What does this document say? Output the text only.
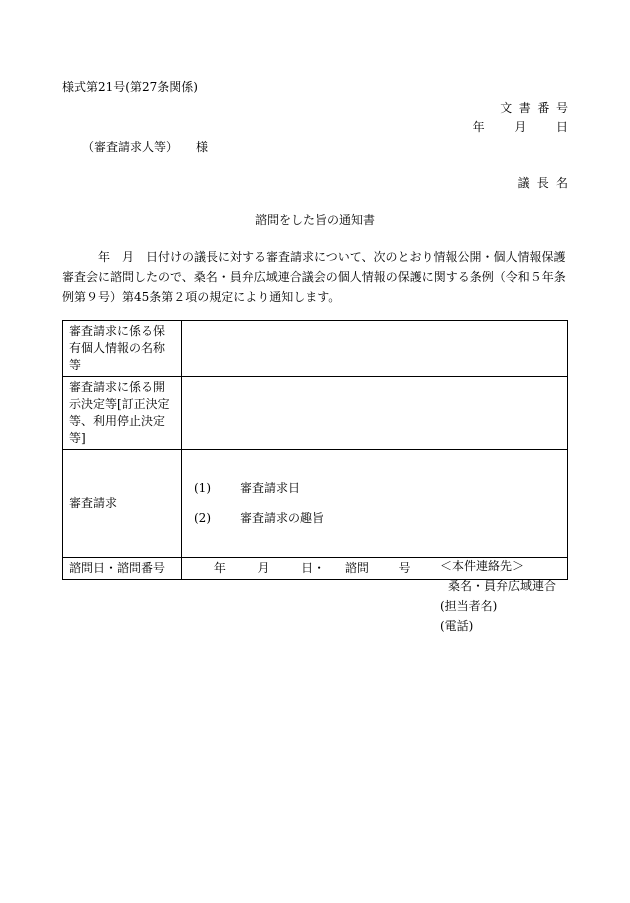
様式第21号(第27条関係)
文書番号
年 月 日
（審査請求人等） 様
議長名
諮問をした旨の通知書

年　月　日付けの議長に対する審査請求について、次のとおり情報公開・個人情報保護審査会に諮問したので、桑名・員弁広域連合議会の個人情報の保護に関する条例（令和５年条例第９号）第45条第２項の規定により通知します。

審査請求に係る保有個人情報の名称等	
審査請求に係る開示決定等[訂正決定等、利用停止決定等]	
審査請求	(1) 審査請求日
(2) 審査請求の趣旨

諮問日・諮問番号	年 月 日・ 諮問 号 ＜本件連絡先＞
桑名・員弁広域連合
(担当者名)
(電話)
